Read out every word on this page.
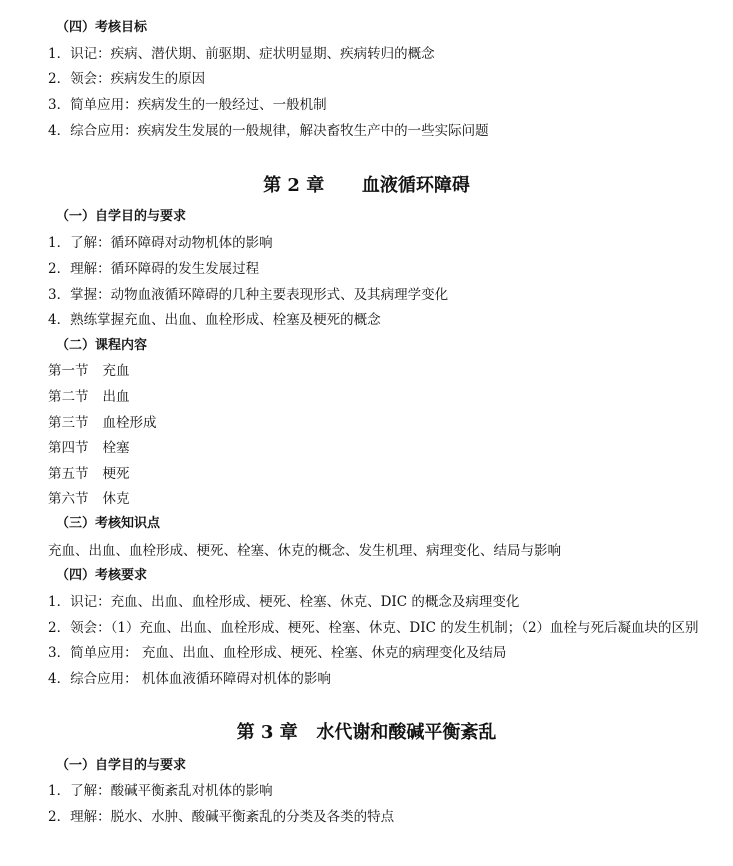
（四）考核目标
1．识记：疾病、潜伏期、前驱期、症状明显期、疾病转归的概念
2．领会：疾病发生的原因
3．简单应用：疾病发生的一般经过、一般机制
4．综合应用：疾病发生发展的一般规律，解决畜牧生产中的一些实际问题
第 2 章      血液循环障碍
（一）自学目的与要求
1．了解：循环障碍对动物机体的影响
2．理解：循环障碍的发生发展过程
3．掌握：动物血液循环障碍的几种主要表现形式、及其病理学变化
4．熟练掌握充血、出血、血栓形成、栓塞及梗死的概念
（二）课程内容
第一节 充血
第二节 出血
第三节 血栓形成
第四节 栓塞
第五节 梗死
第六节 休克
（三）考核知识点
充血、出血、血栓形成、梗死、栓塞、休克的概念、发生机理、病理变化、结局与影响
（四）考核要求
1．识记：充血、出血、血栓形成、梗死、栓塞、休克、DIC 的概念及病理变化
2．领会：（1）充血、出血、血栓形成、梗死、栓塞、休克、DIC 的发生机制；（2）血栓与死后凝血块的区别
3．简单应用： 充血、出血、血栓形成、梗死、栓塞、休克的病理变化及结局
4．综合应用： 机体血液循环障碍对机体的影响
第 3 章   水代谢和酸碱平衡紊乱
（一）自学目的与要求
1．了解：酸碱平衡紊乱对机体的影响
2．理解：脱水、水肿、酸碱平衡紊乱的分类及各类的特点
